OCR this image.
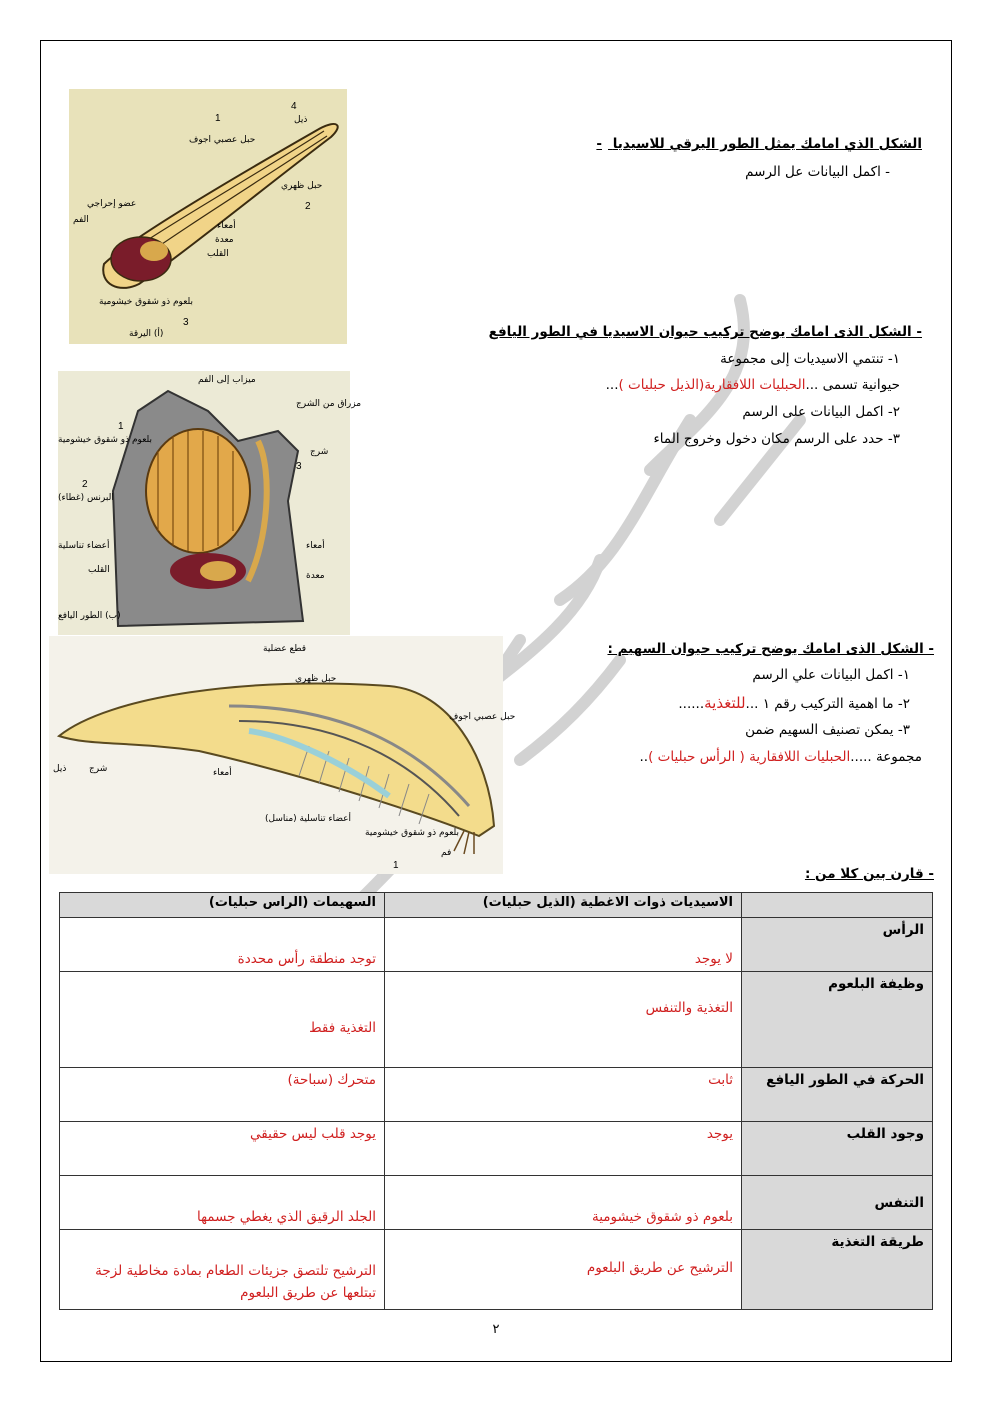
ذيل
حبل عصبي اجوف
حبل ظهري
عضو إحراجي
الفم
أمعاء
معدة
القلب
بلعوم ذو شقوق خيشومية
(أ) اليرقة
4
1
2
3
الشكل الذي امامك يمثل الطور اليرقي للاسيديا -
- اكمل البيانات عل الرسم
ميزاب إلى الفم
مزراق من الشرج
بلعوم ذو شقوق خيشومية
شرج
البرنس (غطاء)
أعضاء تناسلية	أمعاء
القلب
معدة
(ب) الطور اليافع
1
2
3
- الشكل الذى امامك يوضح تركيب حيوان الاسيديا في الطور اليافع
١- تنتمي الاسيديات إلى مجموعة
حيوانية تسمى ...الحبليات اللافقارية(الذيل حبليات )...
٢- اكمل البيانات على الرسم
٣- حدد على الرسم مكان دخول وخروج الماء
قطع عضلية
حبل ظهري
حبل عصبي اجوف
ذيل	شرج	أمعاء
أعضاء تناسلية (مناسل)
بلعوم ذو شقوق خيشومية
فم
1
- الشكل الذى امامك يوضح تركيب حيوان السهيم :
١- اكمل البيانات علي الرسم
٢- ما اهمية التركيب رقم ١ ...للتغذية......
٣- يمكن تصنيف السهيم ضمن
مجموعة .....الحبليات اللافقارية ( الرأس حبليات )..
- قارن بين كلا من :
	الاسيديات ذوات الاغطية (الذيل حبليات)	السهيمات (الراس حبليات)
الرأس	لا يوجد	توجد منطقة رأس محددة
وظيفة البلعوم	التغذية والتنفس	التغذية فقط
الحركة في الطور اليافع	ثابت	متحرك (سباحة)
وجود القلب	يوجد	يوجد قلب ليس حقيقي
التنفس	بلعوم ذو شقوق خيشومية	الجلد الرقيق الذي يغطي جسمها
طريقة التغذية	الترشيح عن طريق البلعوم	الترشيح تلتصق جزيئات الطعام بمادة مخاطية لزجة تبتلعها عن طريق البلعوم
٢
